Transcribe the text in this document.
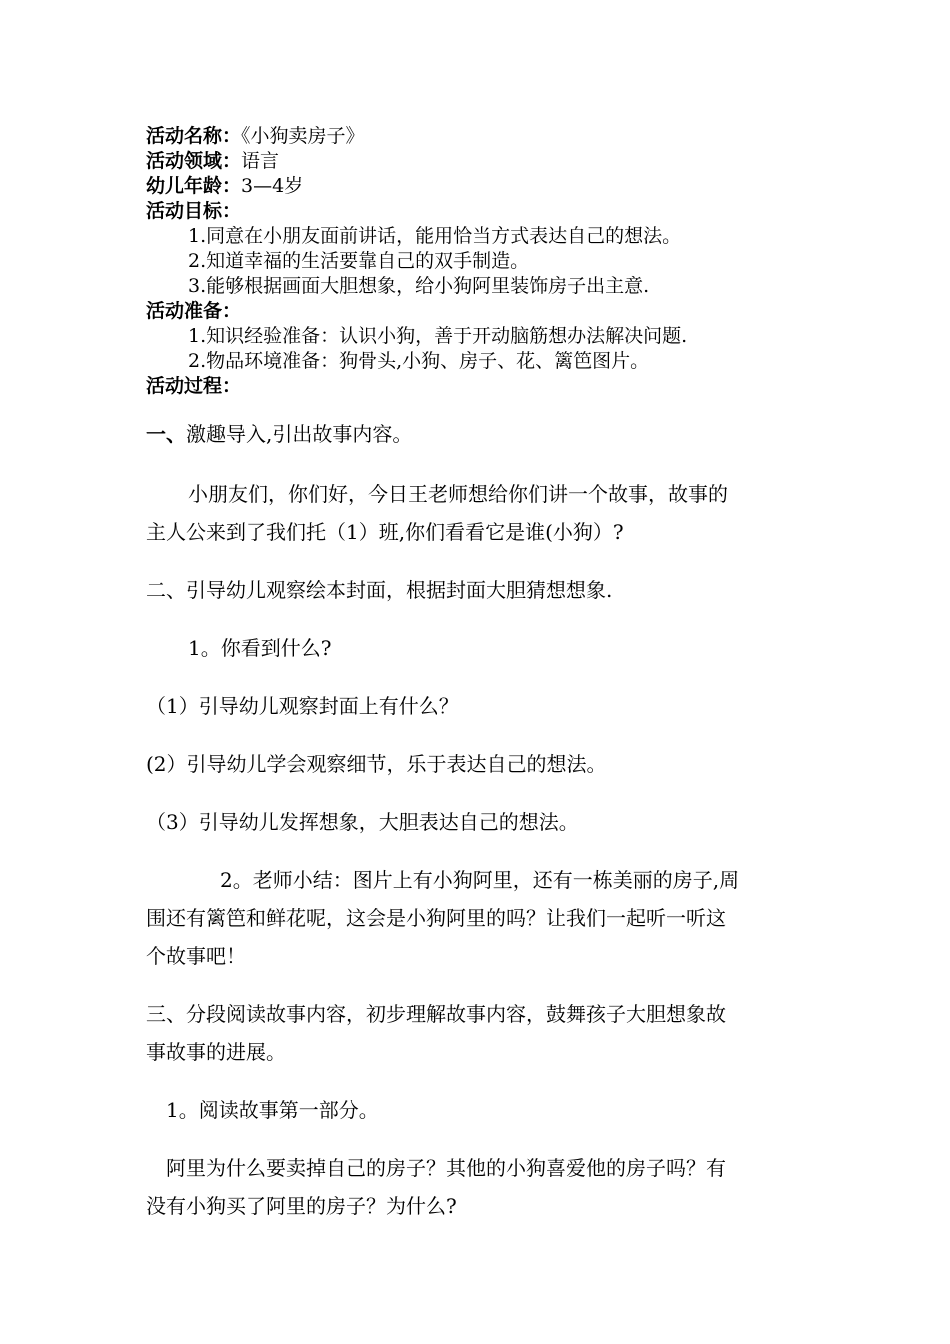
活动名称：《小狗卖房子》
活动领域：语言
幼儿年龄：3—4岁
活动目标：
1.同意在小朋友面前讲话，能用恰当方式表达自己的想法。
2.知道幸福的生活要靠自己的双手制造。
3.能够根据画面大胆想象，给小狗阿里装饰房子出主意.
活动准备：
1.知识经验准备：认识小狗，善于开动脑筋想办法解决问题.
2.物品环境准备：狗骨头,小狗、房子、花、篱笆图片。
活动过程：
一、激趣导入,引出故事内容。
小朋友们，你们好，今日王老师想给你们讲一个故事，故事的
主人公来到了我们托（1）班,你们看看它是谁(小狗）?
二、引导幼儿观察绘本封面，根据封面大胆猜想想象.
1。你看到什么?
（1）引导幼儿观察封面上有什么？
(2）引导幼儿学会观察细节，乐于表达自己的想法。
（3）引导幼儿发挥想象，大胆表达自己的想法。
2。老师小结：图片上有小狗阿里，还有一栋美丽的房子,周
围还有篱笆和鲜花呢，这会是小狗阿里的吗？让我们一起听一听这
个故事吧！
三、分段阅读故事内容，初步理解故事内容，鼓舞孩子大胆想象故
事故事的进展。
1。阅读故事第一部分。
阿里为什么要卖掉自己的房子？其他的小狗喜爱他的房子吗？有
没有小狗买了阿里的房子？为什么?
